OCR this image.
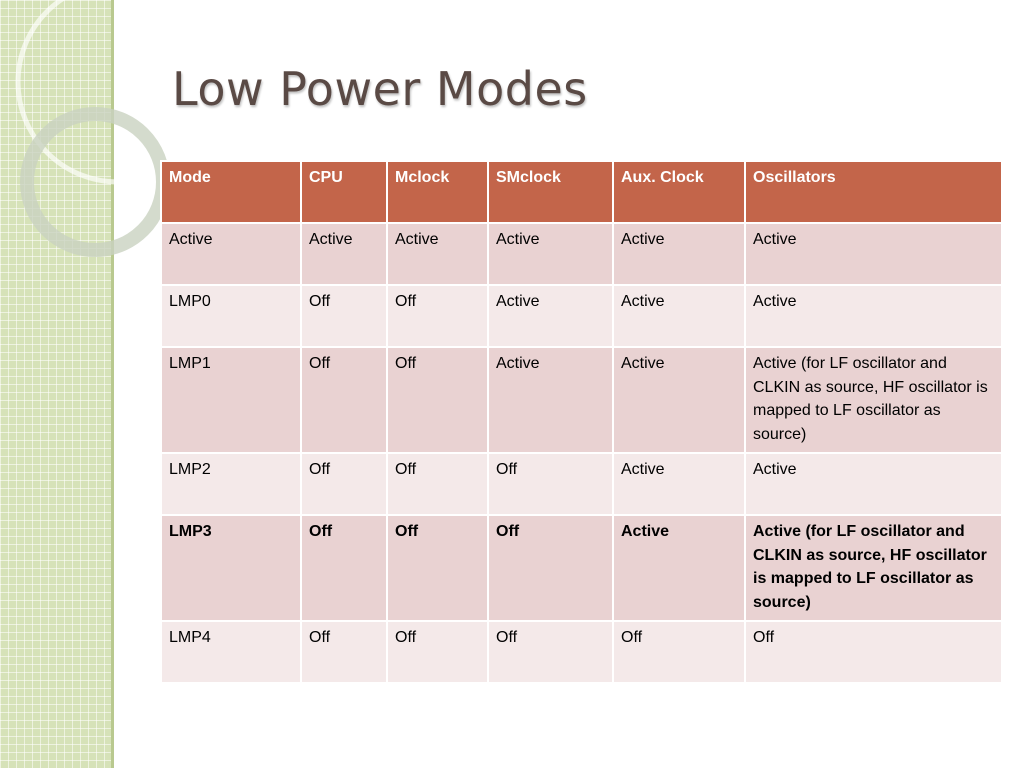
Low Power Modes
Mode	CPU	Mclock	SMclock	Aux. Clock	Oscillators
Active	Active	Active	Active	Active	Active
LMP0	Off	Off	Active	Active	Active
LMP1	Off	Off	Active	Active	Active (for LF oscillator and CLKIN as source, HF oscillator is mapped to LF oscillator as source)
LMP2	Off	Off	Off	Active	Active
LMP3	Off	Off	Off	Active	Active (for LF oscillator and CLKIN as source, HF oscillator is mapped to LF oscillator as source)
LMP4	Off	Off	Off	Off	Off
